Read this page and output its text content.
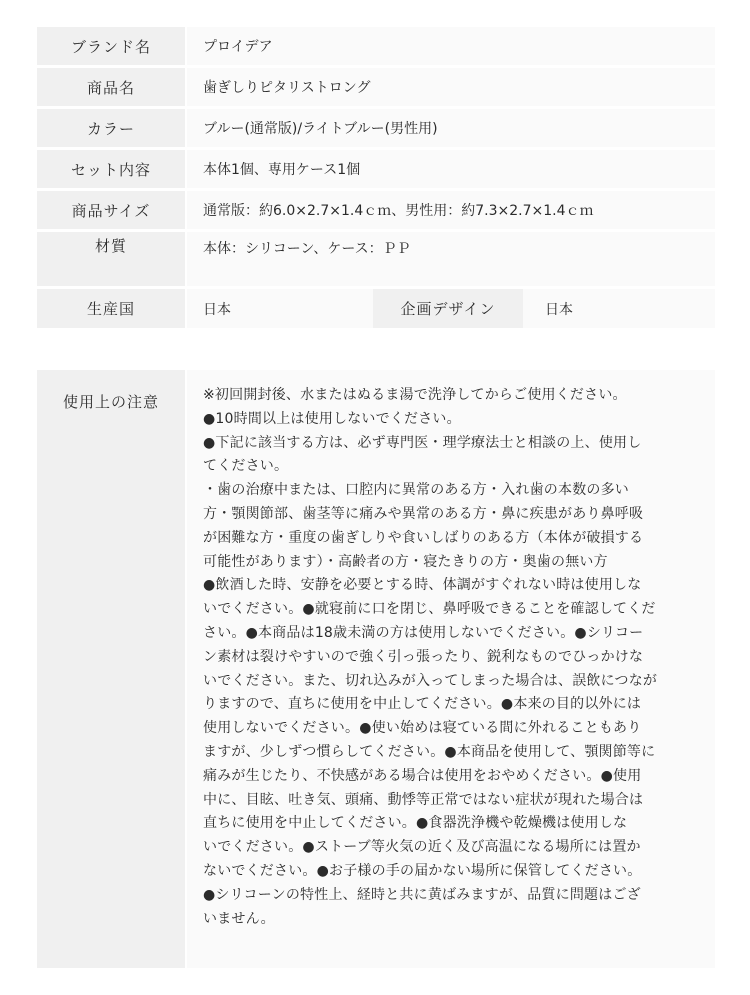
ブランド名	プロイデア
商品名	歯ぎしりピタリストロング
カラー	ブルー(通常版)/ライトブルー(男性用)
セット内容	本体1個、専用ケース1個
商品サイズ	通常版：約6.0×2.7×1.4ｃｍ、男性用：約7.3×2.7×1.4ｃｍ
材質	本体：シリコーン、ケース：ＰＰ
生産国	日本	企画デザイン	日本
使用上の注意	※初回開封後、水またはぬるま湯で洗浄してからご使用ください。

●10時間以上は使用しないでください。

●下記に該当する方は、必ず専門医・理学療法士と相談の上、使用し

てください。

・歯の治療中または、口腔内に異常のある方・入れ歯の本数の多い

方・顎関節部、歯茎等に痛みや異常のある方・鼻に疾患があり鼻呼吸

が困難な方・重度の歯ぎしりや食いしばりのある方（本体が破損する

可能性があります）・高齢者の方・寝たきりの方・奥歯の無い方

●飲酒した時、安静を必要とする時、体調がすぐれない時は使用しな

いでください。●就寝前に口を閉じ、鼻呼吸できることを確認してくだ

さい。●本商品は18歳未満の方は使用しないでください。●シリコー

ン素材は裂けやすいので強く引っ張ったり、鋭利なものでひっかけな

いでください。また、切れ込みが入ってしまった場合は、誤飲につなが

りますので、直ちに使用を中止してください。●本来の目的以外には

使用しないでください。●使い始めは寝ている間に外れることもあり

ますが、少しずつ慣らしてください。●本商品を使用して、顎関節等に

痛みが生じたり、不快感がある場合は使用をおやめください。●使用

中に、目眩、吐き気、頭痛、動悸等正常ではない症状が現れた場合は

直ちに使用を中止してください。●食器洗浄機や乾燥機は使用しな

いでください。●ストーブ等火気の近く及び高温になる場所には置か

ないでください。●お子様の手の届かない場所に保管してください。

●シリコーンの特性上、経時と共に黄ばみますが、品質に問題はござ

いません。
